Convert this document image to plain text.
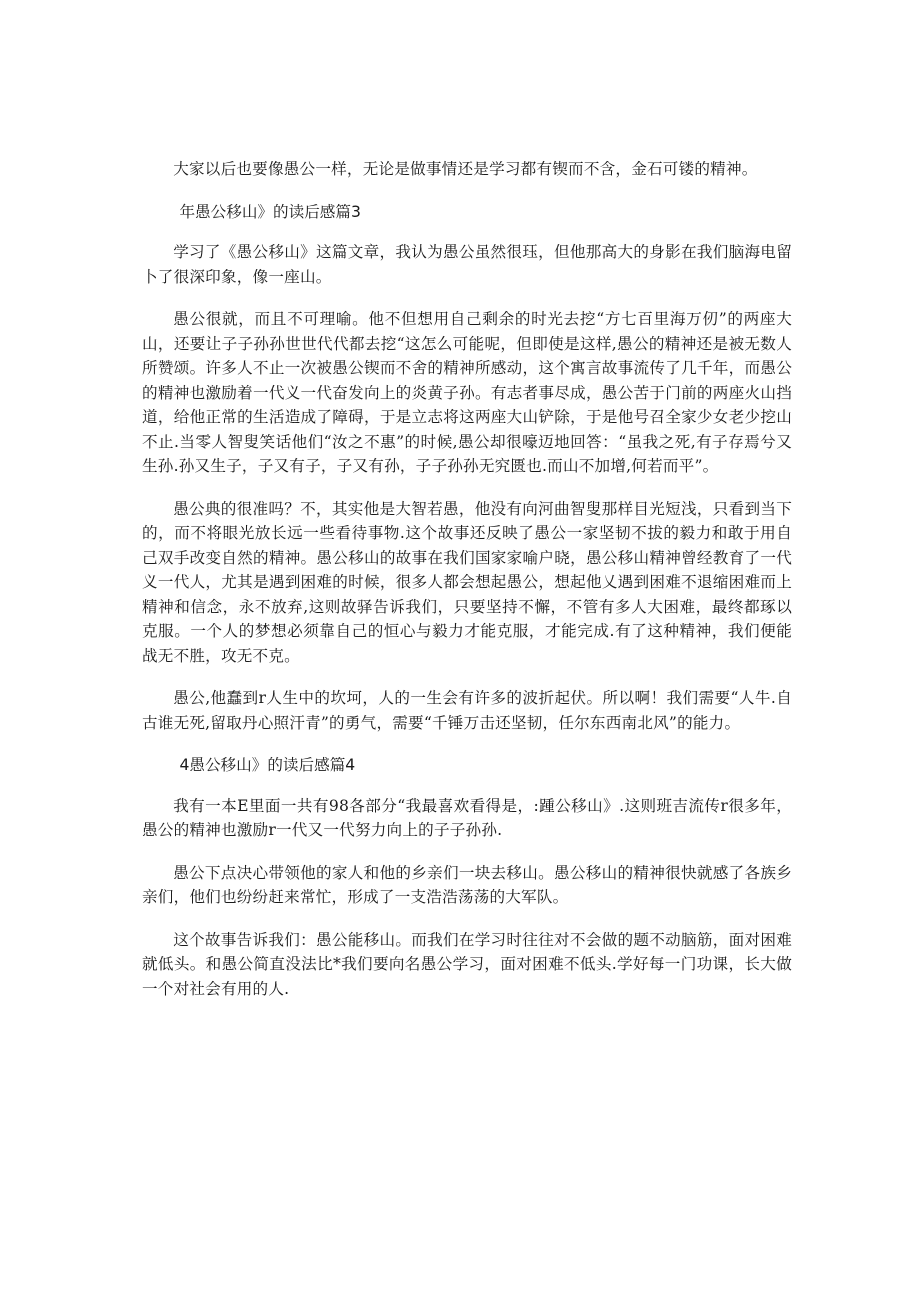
大家以后也要像愚公一样，无论是做事情还是学习都有锲而不含，金石可镂的精神。

年愚公移山》的读后感篇3

学习了《愚公移山》这篇文章，我认为愚公虽然很珏，但他那高大的身影在我们脑海电留卜了很深印象，像一座山。

愚公很就，而且不可理喻。他不但想用自己剩余的时光去挖“方七百里海万仞”的两座大山，还要让子子孙孙世世代代都去挖“这怎么可能呢，但即使是这样,愚公的精神还是被无数人所赞颂。许多人不止一次被愚公锲而不舍的精神所感动，这个寓言故事流传了几千年，而愚公的精神也激励着一代义一代奋发向上的炎黄子孙。有志者事尽成，愚公苦于门前的两座火山挡道，给他正常的生活造成了障碍，于是立志将这两座大山铲除，于是他号召全家少女老少挖山不止.当零人智叟笑话他们“汝之不惠”的时候,愚公却很嚎迈地回答：“虽我之死,有子存焉兮又生孙.孙又生子，子又有子，子又有孙，子子孙孙无究匮也.而山不加增,何若而平”。

愚公典的很准吗？不，其实他是大智若愚，他没有向河曲智叟那样目光短浅，只看到当下的，而不将眼光放长远一些看待事物.这个故事还反映了愚公一家坚韧不拔的毅力和敢于用自己双手改变自然的精神。愚公移山的故事在我们国家家喻户晓，愚公移山精神曾经教育了一代义一代人，尤其是遇到困难的时候，很多人都会想起愚公，想起他乂遇到困难不退缩困难而上精神和信念，永不放弃,这则故驿告诉我们，只要坚持不懈，不管有多人大困难，最终都琢以克服。一个人的梦想必须靠自己的恒心与毅力才能克服，才能完成.有了这种精神，我们便能战无不胜，攻无不克。

愚公,他蠢到r人生中的坎坷，人的一生会有许多的波折起伏。所以啊！我们需要“人牛.自古谁无死,留取丹心照汗青”的勇气，需要“千锤万击还坚韧，任尔东西南北风”的能力。

4愚公移山》的读后感篇4

我有一本E里面一共有98各部分“我最喜欢看得是，:踵公移山》.这则班吉流传r很多年，愚公的精神也激励r一代又一代努力向上的子子孙孙.

愚公下点决心带领他的家人和他的乡亲们一块去移山。愚公移山的精神很快就感了各族乡亲们，他们也纷纷赶来常忙，形成了一支浩浩荡荡的大军队。

这个故事告诉我们：愚公能移山。而我们在学习时往往对不会做的题不动脑筋，面对困难就低头。和愚公简直没法比*我们要向名愚公学习，面对困难不低头.学好每一门功课，长大做一个对社会有用的人.
